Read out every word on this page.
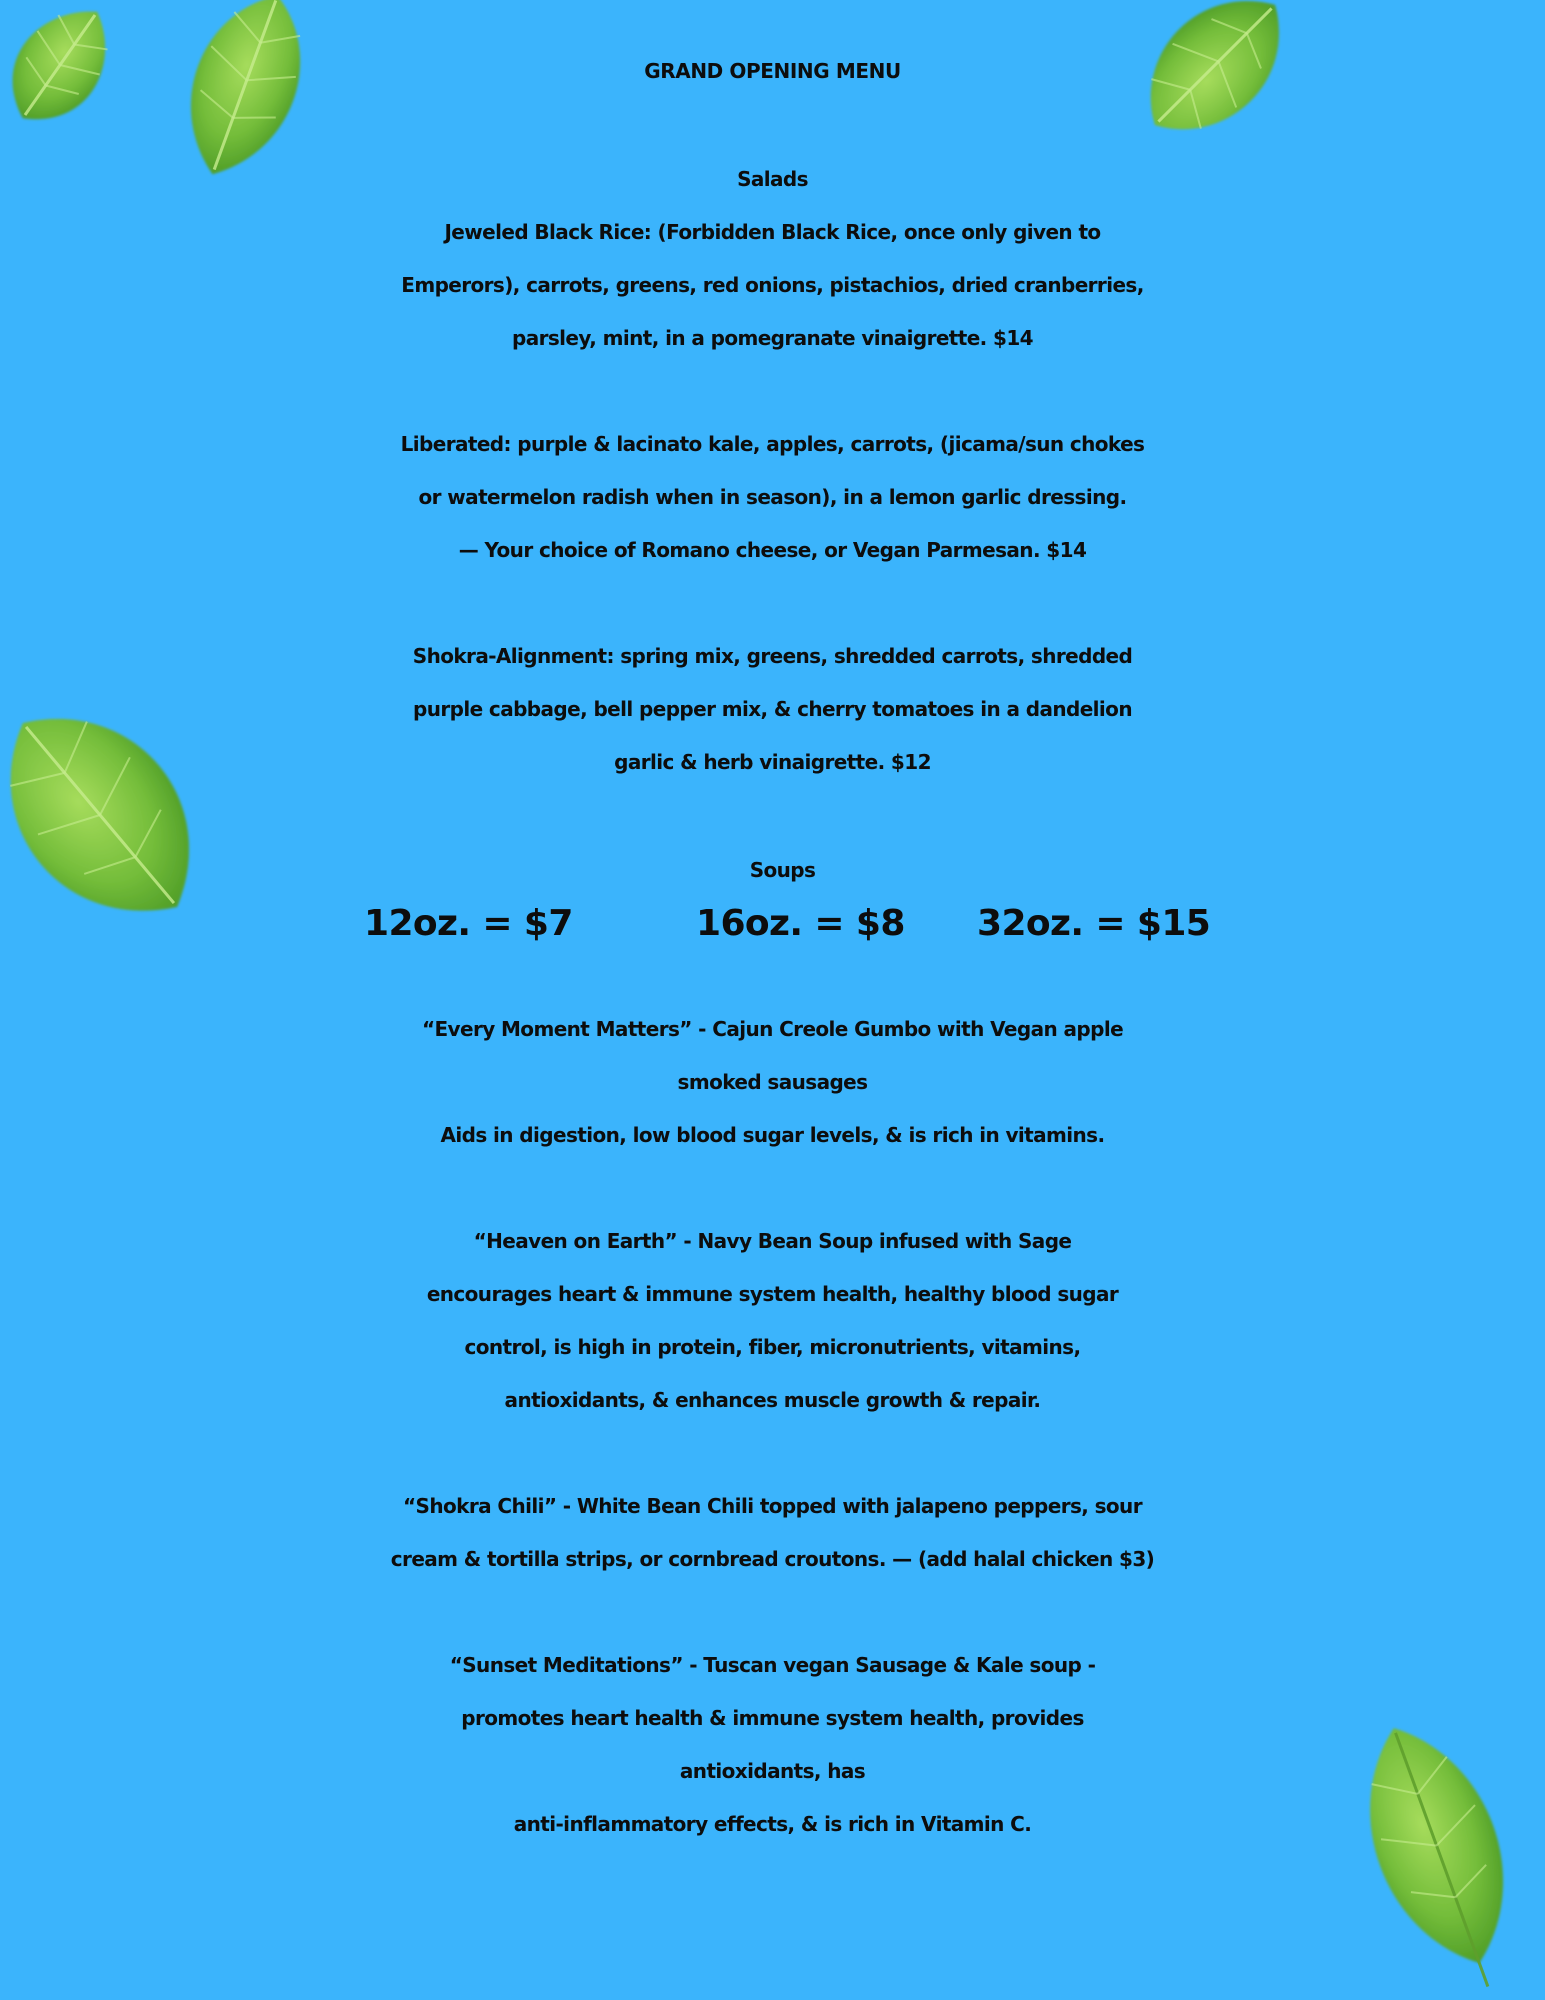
GRAND OPENING MENU
Salads
Jeweled Black Rice: (Forbidden Black Rice, once only given to
Emperors), carrots, greens, red onions, pistachios, dried cranberries,
parsley, mint, in a pomegranate vinaigrette. $14
Liberated: purple & lacinato kale, apples, carrots, (jicama/sun chokes
or watermelon radish when in season), in a lemon garlic dressing.
— Your choice of Romano cheese, or Vegan Parmesan. $14
Shokra-Alignment: spring mix, greens, shredded carrots, shredded
purple cabbage, bell pepper mix, & cherry tomatoes in a dandelion
garlic & herb vinaigrette. $12
Soups
12oz. = $7	16oz. = $8 32oz. = $15
“Every Moment Matters” - Cajun Creole Gumbo with Vegan apple
smoked sausages
Aids in digestion, low blood sugar levels, & is rich in vitamins.
“Heaven on Earth” - Navy Bean Soup infused with Sage
encourages heart & immune system health, healthy blood sugar
control, is high in protein, fiber, micronutrients, vitamins,
antioxidants, & enhances muscle growth & repair.
“Shokra Chili” - White Bean Chili topped with jalapeno peppers, sour
cream & tortilla strips, or cornbread croutons. — (add halal chicken $3)
“Sunset Meditations” - Tuscan vegan Sausage & Kale soup -
promotes heart health & immune system health, provides
antioxidants, has
anti-inflammatory effects, & is rich in Vitamin C.
